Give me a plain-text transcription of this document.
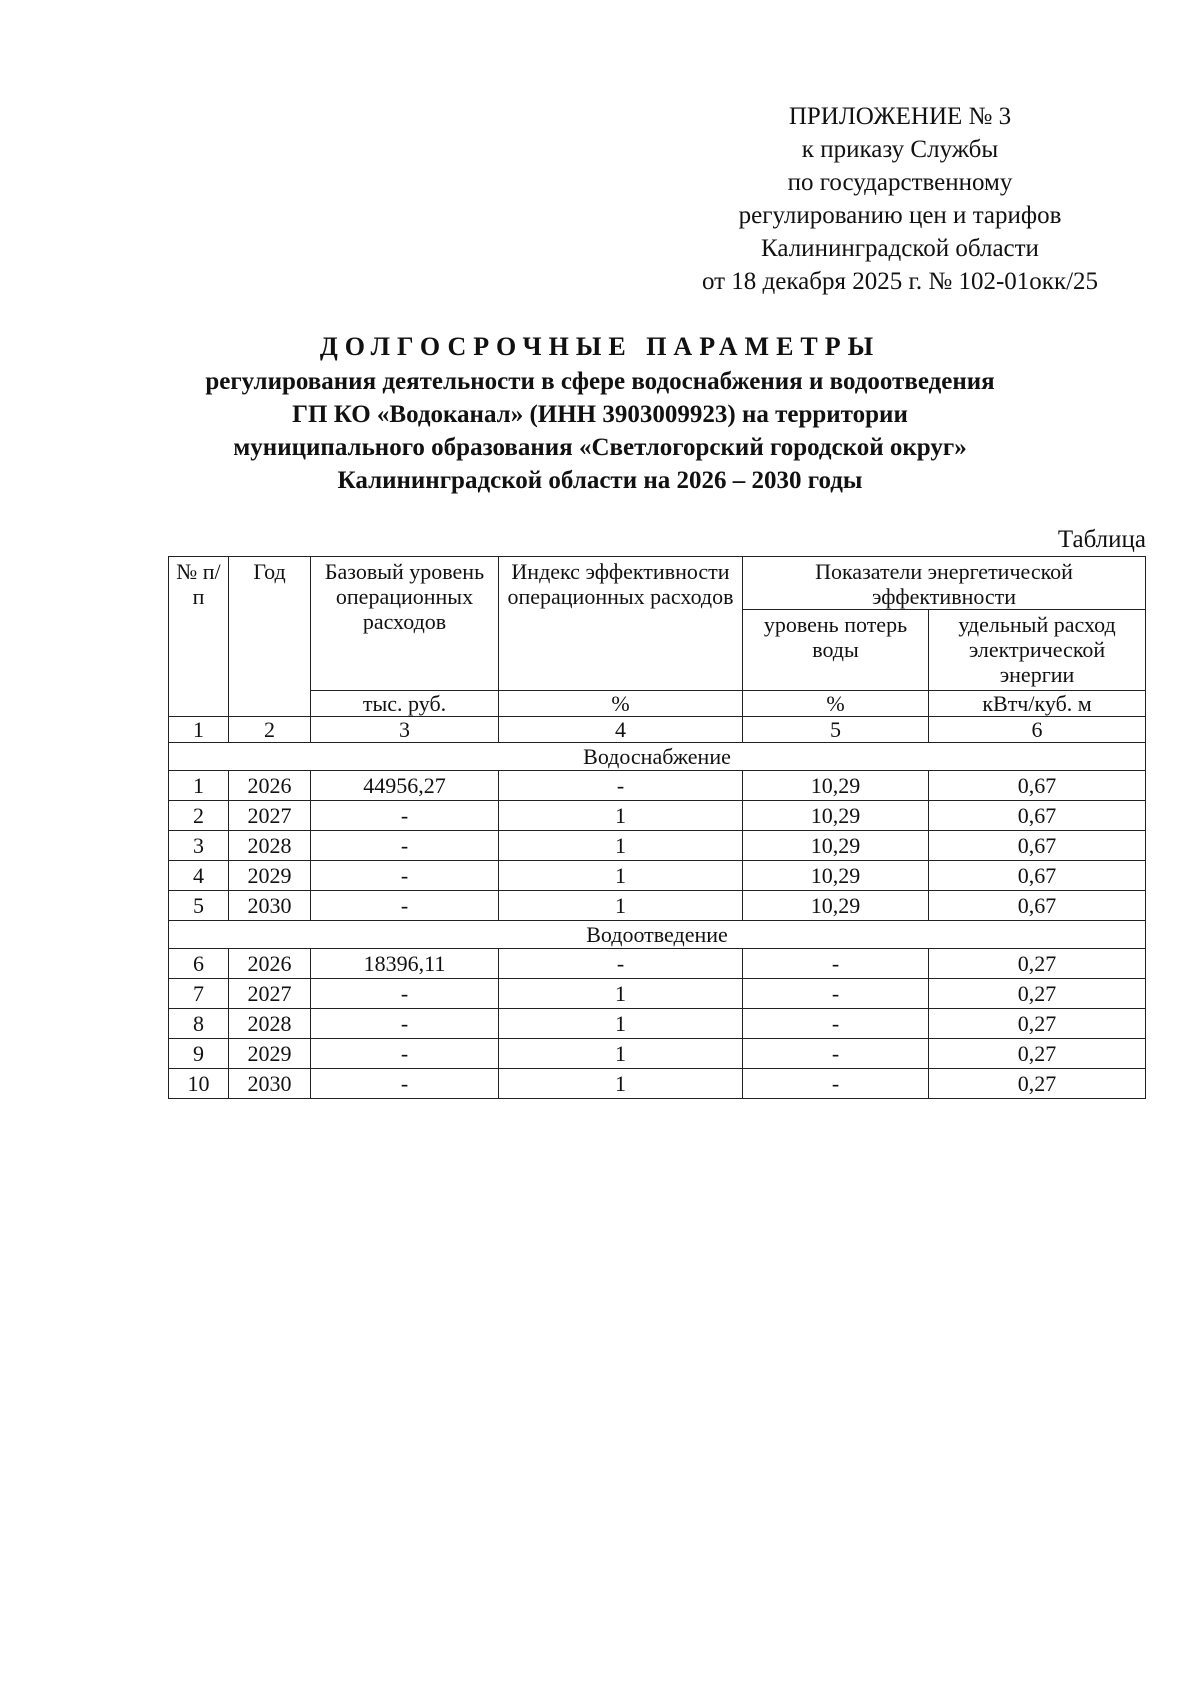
ПРИЛОЖЕНИЕ № 3
к приказу Службы
по государственному
регулированию цен и тарифов
Калининградской области
от 18 декабря 2025 г. № 102-01окк/25
ДОЛГОСРОЧНЫЕ ПАРАМЕТРЫ
регулирования деятельности в сфере водоснабжения и водоотведения
ГП КО «Водоканал» (ИНН 3903009923) на территории
муниципального образования «Светлогорский городской округ»
Калининградской области на 2026 – 2030 годы
Таблица
№ п/п	Год	Базовый уровень операционных расходов	Индекс эффективности операционных расходов	Показатели энергетической эффективности	
				уровень потерь воды	удельный расход электрической энергии
		тыс. руб.	%	%	кВтч/куб. м
1	2	3	4	5	6
Водоснабжение					
1	2026	44956,27	-	10,29	0,67
2	2027	-	1	10,29	0,67
3	2028	-	1	10,29	0,67
4	2029	-	1	10,29	0,67
5	2030	-	1	10,29	0,67
Водоотведение					
6	2026	18396,11	-	-	0,27
7	2027	-	1	-	0,27
8	2028	-	1	-	0,27
9	2029	-	1	-	0,27
10	2030	-	1	-	0,27
